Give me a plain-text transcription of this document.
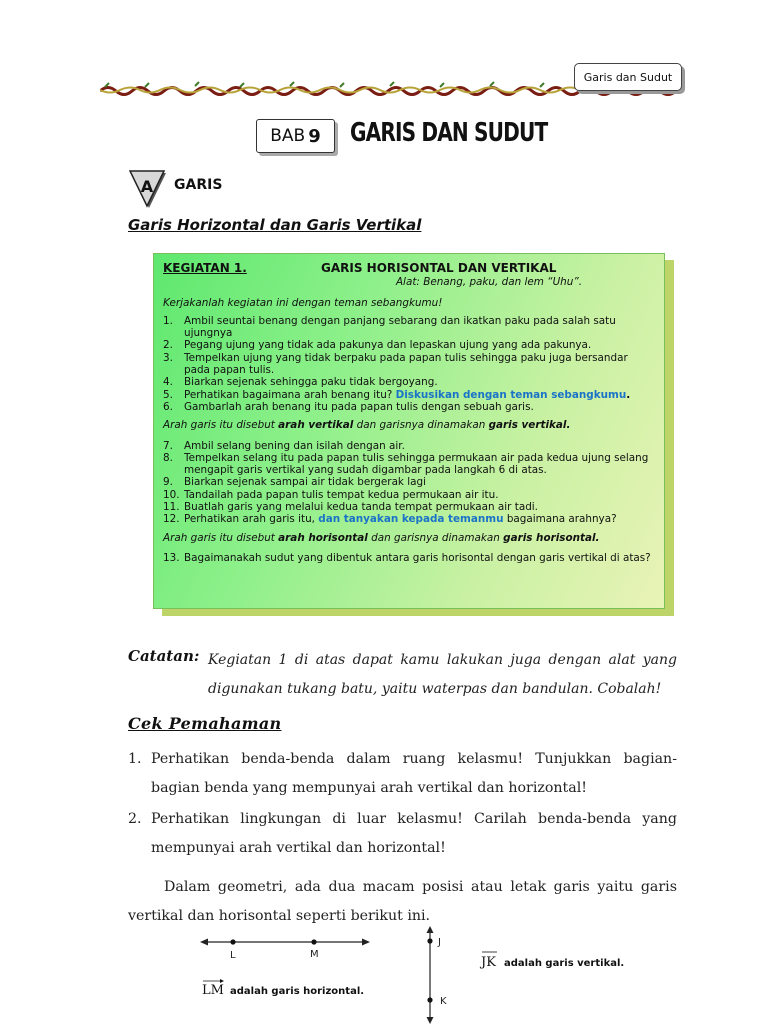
Garis dan Sudut
BAB 9 GARIS DAN SUDUT
A GARIS
Garis Horizontal dan Garis Vertikal
KEGIATAN 1.	GARIS HORISONTAL DAN VERTIKAL
Alat: Benang, paku, dan lem “Uhu”.
Kerjakanlah kegiatan ini dengan teman sebangkumu!
1.	Ambil seuntai benang dengan panjang sebarang dan ikatkan paku pada salah satu ujungnya
2.	Pegang ujung yang tidak ada pakunya dan lepaskan ujung yang ada pakunya.
3.	Tempelkan ujung yang tidak berpaku pada papan tulis sehingga paku juga bersandar pada papan tulis.
4.	Biarkan sejenak sehingga paku tidak bergoyang.
5.	Perhatikan bagaimana arah benang itu? Diskusikan dengan teman sebangkumu.
6.	Gambarlah arah benang itu pada papan tulis dengan sebuah garis.
Arah garis itu disebut arah vertikal dan garisnya dinamakan garis vertikal.
7.	Ambil selang bening dan isilah dengan air.
8.	Tempelkan selang itu pada papan tulis sehingga permukaan air pada kedua ujung selang mengapit garis vertikal yang sudah digambar pada langkah 6 di atas.
9.	Biarkan sejenak sampai air tidak bergerak lagi
10. Tandailah pada papan tulis tempat kedua permukaan air itu.
11. Buatlah garis yang melalui kedua tanda tempat permukaan air tadi.
12. Perhatikan arah garis itu, dan tanyakan kepada temanmu bagaimana arahnya?
Arah garis itu disebut arah horisontal dan garisnya dinamakan garis horisontal.
13. Bagaimanakah sudut yang dibentuk antara garis horisontal dengan garis vertikal di atas?
Catatan: Kegiatan 1 di atas dapat kamu lakukan juga dengan alat yang digunakan tukang batu, yaitu waterpas dan bandulan. Cobalah!
Cek Pemahaman
1. Perhatikan benda-benda dalam ruang kelasmu! Tunjukkan bagian-bagian benda yang mempunyai arah vertikal dan horizontal!
2. Perhatikan lingkungan di luar kelasmu! Carilah benda-benda yang mempunyai arah vertikal dan horizontal!
Dalam geometri, ada dua macam posisi atau letak garis yaitu garis vertikal dan horisontal seperti berikut ini.
L	M
LM adalah garis horizontal.
J
K
JK adalah garis vertikal.
